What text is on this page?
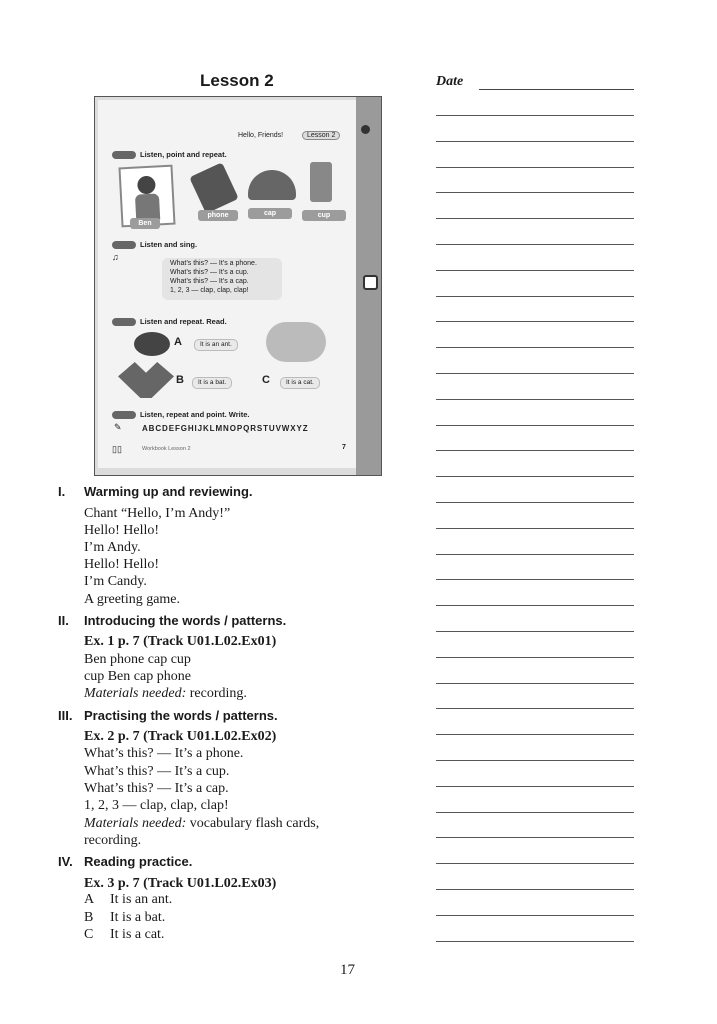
Lesson 2	Date
Hello, Friends!	Lesson 2
Listen, point and repeat.
Ben
phone	cap	cup
Listen and sing.
♫
What’s this? — It’s a phone.
What’s this? — It’s a cup.
What’s this? — It’s a cap.
1, 2, 3 — clap, clap, clap!
Listen and repeat. Read.
A	It is an ant.
B	It is a bat.	C	It is a cat.
Listen, repeat and point. Write.
✎	ABCDEFGHIJKLMNOPQRSTUVWXYZ
▯▯	Workbook Lesson 2	7
I. Warming up and reviewing.
Chant “Hello, I’m Andy!”
Hello! Hello!
I’m Andy.
Hello! Hello!
I’m Candy.
A greeting game.
II. Introducing the words / patterns.
Ex. 1 p. 7 (Track U01.L02.Ex01)
Ben phone cap cup
cup Ben cap phone
Materials needed: recording.
III. Practising the words / patterns.
Ex. 2 p. 7 (Track U01.L02.Ex02)
What’s this? — It’s a phone.
What’s this? — It’s a cup.
What’s this? — It’s a cap.
1, 2, 3 — clap, clap, clap!
Materials needed: vocabulary flash cards,
recording.
IV. Reading practice.
Ex. 3 p. 7 (Track U01.L02.Ex03)
A It is an ant.
B It is a bat.
C It is a cat.
17
